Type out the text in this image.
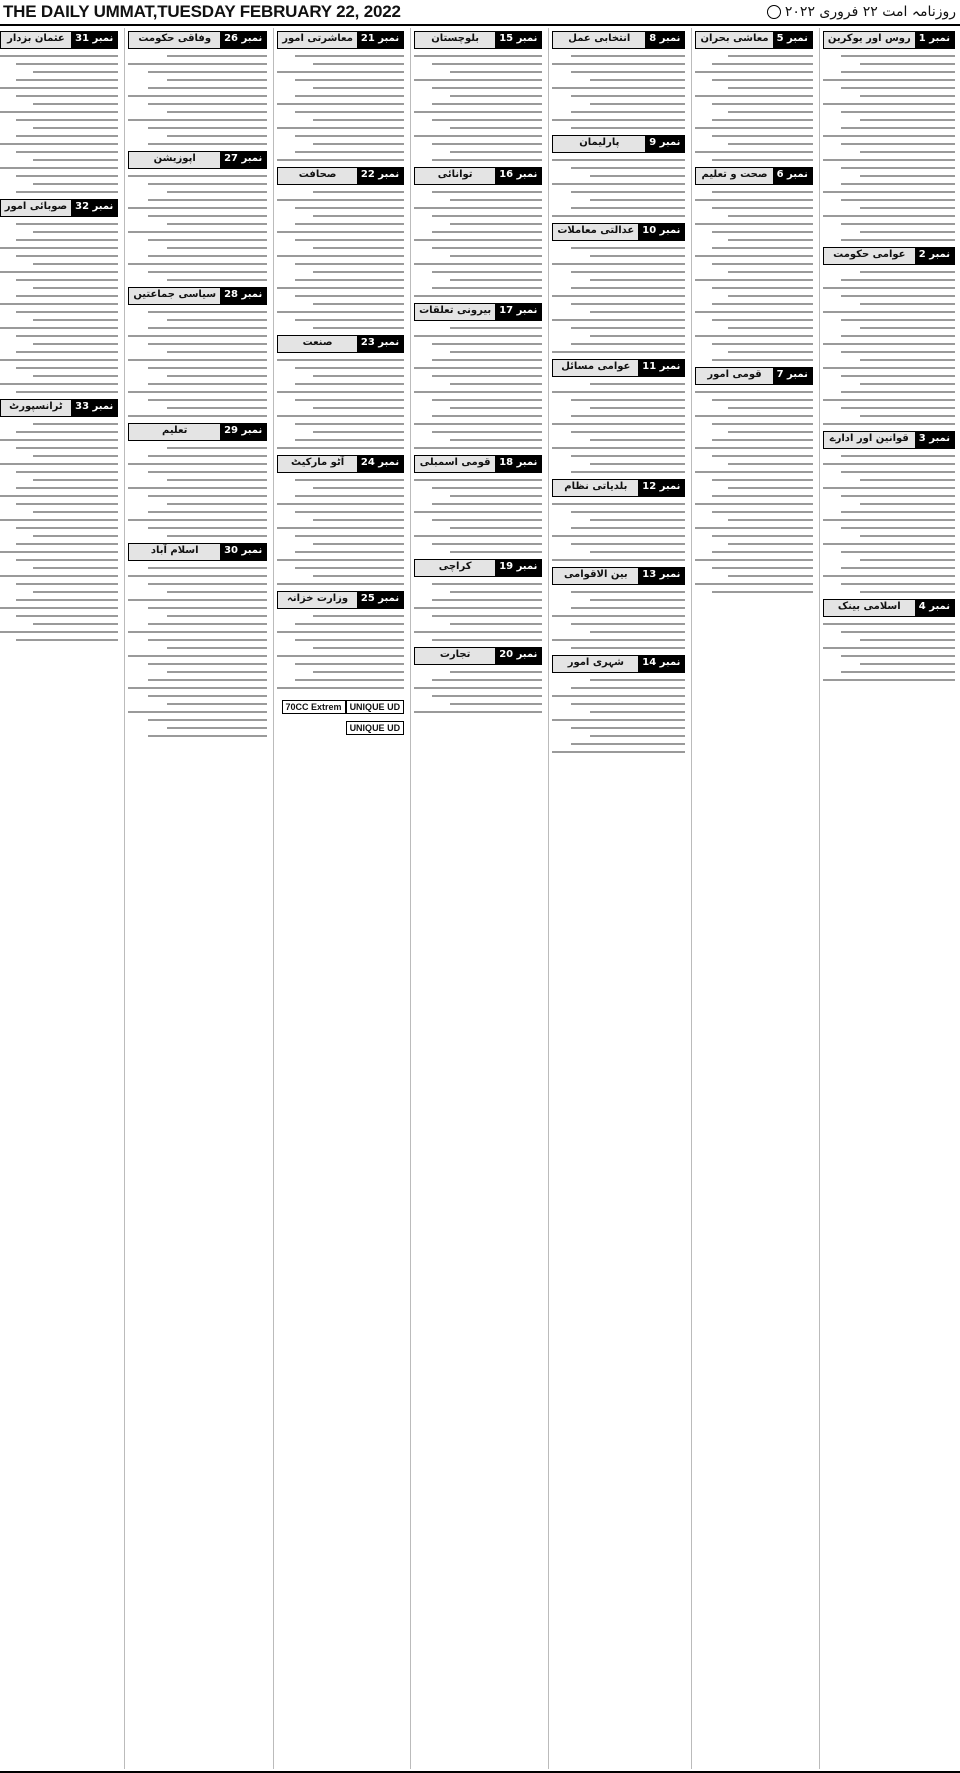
THE DAILY UMMAT,TUESDAY FEBRUARY 22, 2022	روزنامہ امت ۲۲ فروری ۲۰۲۲
نمبر 1
روس اور یوکرین
نمبر 2
عوامی حکومت
نمبر 3
قوانین اور ادارے
نمبر 4
اسلامی بینک
نمبر 5
معاشی بحران
نمبر 6
صحت و تعلیم
نمبر 7
قومی امور
نمبر 8
انتخابی عمل
نمبر 9
پارلیمان
نمبر 10
عدالتی معاملات
نمبر 11
عوامی مسائل
نمبر 12
بلدیاتی نظام
نمبر 13
بین الاقوامی
نمبر 14
شہری امور
نمبر 15
بلوچستان
نمبر 16
توانائی
نمبر 17
بیرونی تعلقات
نمبر 18
قومی اسمبلی
نمبر 19
کراچی
نمبر 20
تجارت
نمبر 21
معاشرتی امور
نمبر 22
صحافت
نمبر 23
صنعت
نمبر 24
آٹو مارکیٹ
نمبر 25
وزارت خزانہ
UNIQUE UD70CC ExtremUNIQUE UD
نمبر 26
وفاقی حکومت
نمبر 27
اپوزیشن
نمبر 28
سیاسی جماعتیں
نمبر 29
تعلیم
نمبر 30
اسلام آباد
نمبر 31
عثمان بزدار
نمبر 32
صوبائی امور
نمبر 33
ٹرانسپورٹ
